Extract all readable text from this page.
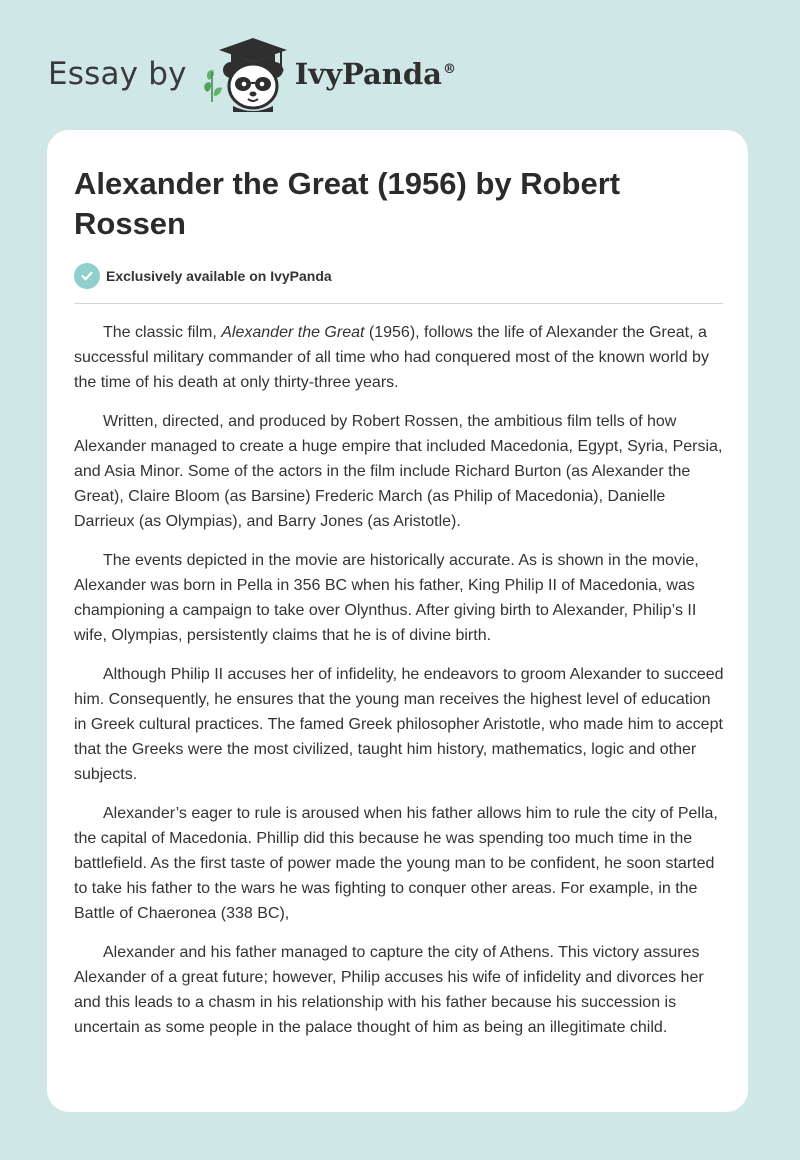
Essay by	IvyPanda®
Alexander the Great (1956) by Robert Rossen
Exclusively available on IvyPanda

The classic film, Alexander the Great (1956), follows the life of Alexander the Great, a successful military commander of all time who had conquered most of the known world by the time of his death at only thirty-three years.

Written, directed, and produced by Robert Rossen, the ambitious film tells of how Alexander managed to create a huge empire that included Macedonia, Egypt, Syria, Persia, and Asia Minor. Some of the actors in the film include Richard Burton (as Alexander the Great), Claire Bloom (as Barsine) Frederic March (as Philip of Macedonia), Danielle Darrieux (as Olympias), and Barry Jones (as Aristotle).

The events depicted in the movie are historically accurate. As is shown in the movie, Alexander was born in Pella in 356 BC when his father, King Philip II of Macedonia, was championing a campaign to take over Olynthus. After giving birth to Alexander, Philip’s II wife, Olympias, persistently claims that he is of divine birth.

Although Philip II accuses her of infidelity, he endeavors to groom Alexander to succeed him. Consequently, he ensures that the young man receives the highest level of education in Greek cultural practices. The famed Greek philosopher Aristotle, who made him to accept that the Greeks were the most civilized, taught him history, mathematics, logic and other subjects.

Alexander’s eager to rule is aroused when his father allows him to rule the city of Pella, the capital of Macedonia. Phillip did this because he was spending too much time in the battlefield. As the first taste of power made the young man to be confident, he soon started to take his father to the wars he was fighting to conquer other areas. For example, in the Battle of Chaeronea (338 BC),

Alexander and his father managed to capture the city of Athens. This victory assures Alexander of a great future; however, Philip accuses his wife of infidelity and divorces her and this leads to a chasm in his relationship with his father because his succession is uncertain as some people in the palace thought of him as being an illegitimate child.
